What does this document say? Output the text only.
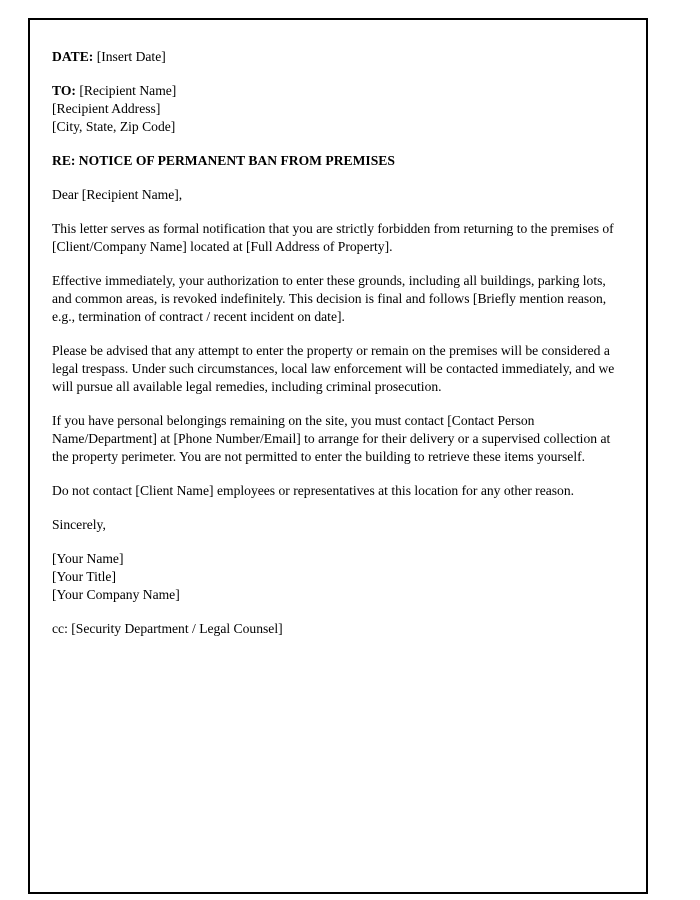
DATE: [Insert Date]

TO: [Recipient Name]
[Recipient Address]
[City, State, Zip Code]

RE: NOTICE OF PERMANENT BAN FROM PREMISES

Dear [Recipient Name],

This letter serves as formal notification that you are strictly forbidden from returning to the premises of [Client/Company Name] located at [Full Address of Property].

Effective immediately, your authorization to enter these grounds, including all buildings, parking lots, and common areas, is revoked indefinitely. This decision is final and follows [Briefly mention reason, e.g., termination of contract / recent incident on date].

Please be advised that any attempt to enter the property or remain on the premises will be considered a legal trespass. Under such circumstances, local law enforcement will be contacted immediately, and we will pursue all available legal remedies, including criminal prosecution.

If you have personal belongings remaining on the site, you must contact [Contact Person Name/Department] at [Phone Number/Email] to arrange for their delivery or a supervised collection at the property perimeter. You are not permitted to enter the building to retrieve these items yourself.

Do not contact [Client Name] employees or representatives at this location for any other reason.

Sincerely,

[Your Name]
[Your Title]
[Your Company Name]

cc: [Security Department / Legal Counsel]
